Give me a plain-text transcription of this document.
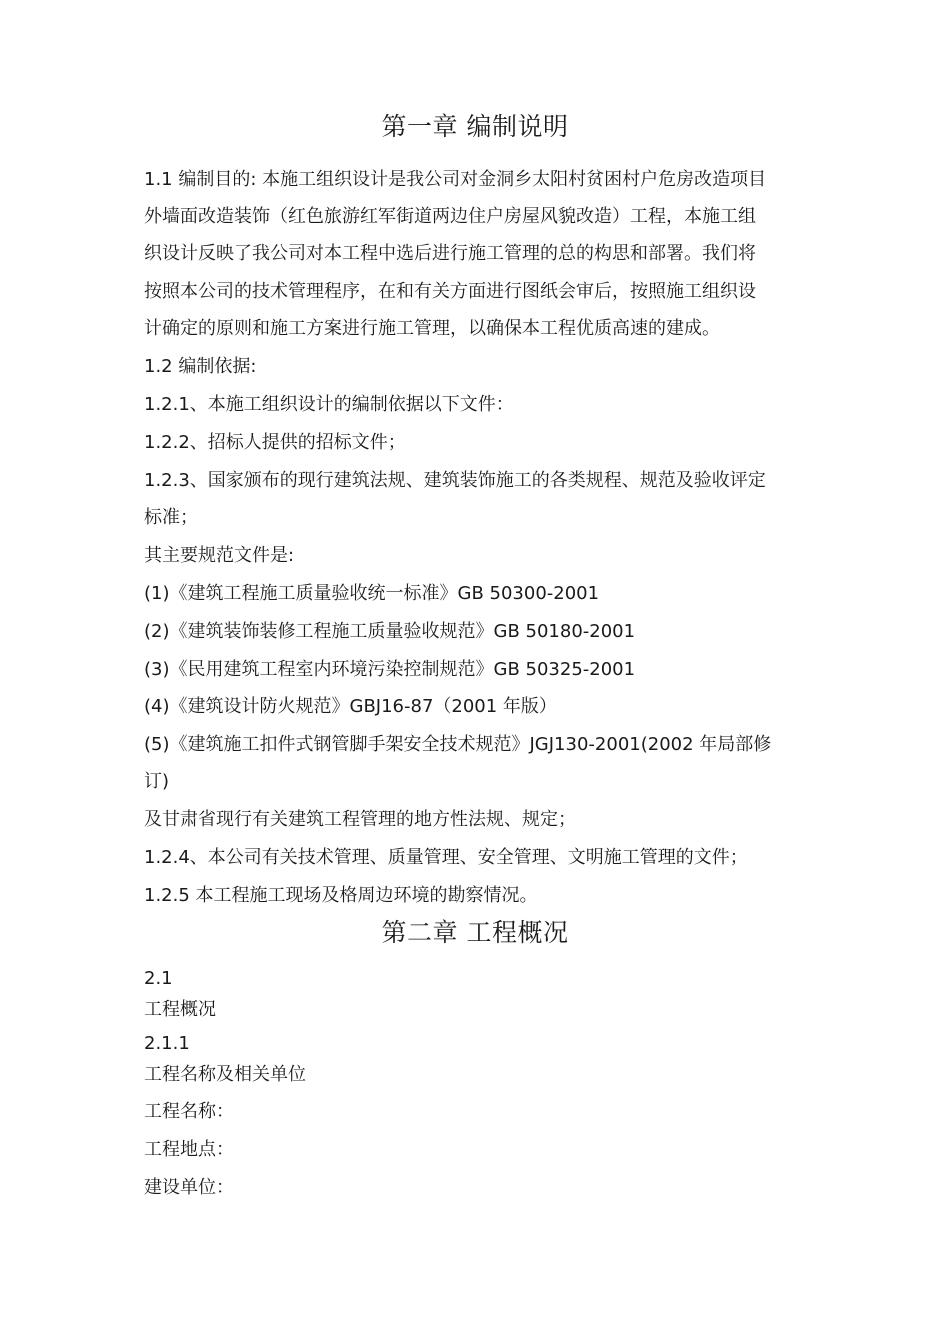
第一章 编制说明
1.1 编制目的: 本施工组织设计是我公司对金洞乡太阳村贫困村户危房改造项目
外墙面改造装饰（红色旅游红军街道两边住户房屋风貌改造）工程，本施工组
织设计反映了我公司对本工程中选后进行施工管理的总的构思和部署。我们将
按照本公司的技术管理程序，在和有关方面进行图纸会审后，按照施工组织设
计确定的原则和施工方案进行施工管理，以确保本工程优质高速的建成。
1.2 编制依据:
1.2.1、本施工组织设计的编制依据以下文件：
1.2.2、招标人提供的招标文件；
1.2.3、国家颁布的现行建筑法规、建筑装饰施工的各类规程、规范及验收评定
标准；
其主要规范文件是:
(1)《建筑工程施工质量验收统一标准》GB 50300-2001
(2)《建筑装饰装修工程施工质量验收规范》GB 50180-2001
(3)《民用建筑工程室内环境污染控制规范》GB 50325-2001
(4)《建筑设计防火规范》GBJ16-87（2001 年版）
(5)《建筑施工扣件式钢管脚手架安全技术规范》JGJ130-2001(2002 年局部修
订)
及甘肃省现行有关建筑工程管理的地方性法规、规定；
1.2.4、本公司有关技术管理、质量管理、安全管理、文明施工管理的文件；
1.2.5 本工程施工现场及格周边环境的勘察情况。
第二章 工程概况
2.1
工程概况
2.1.1
工程名称及相关单位
工程名称：
工程地点：
建设单位：
